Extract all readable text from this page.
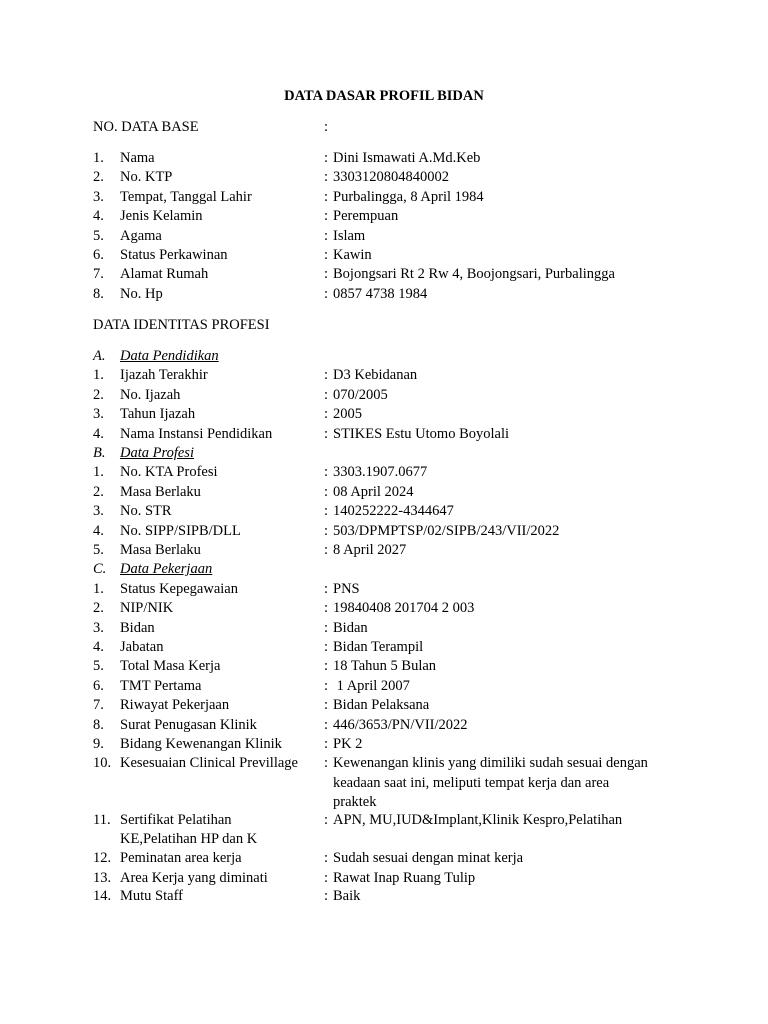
DATA DASAR PROFIL BIDAN
NO. DATA BASE	:
1. Nama	: Dini Ismawati A.Md.Keb
2. No. KTP	: 3303120804840002
3. Tempat, Tanggal Lahir	: Purbalingga, 8 April 1984
4. Jenis Kelamin	: Perempuan
5. Agama	: Islam
6. Status Perkawinan	: Kawin
7. Alamat Rumah	: Bojongsari Rt 2 Rw 4, Boojongsari, Purbalingga
8. No. Hp	: 0857 4738 1984
DATA IDENTITAS PROFESI
A. Data Pendidikan
1. Ijazah Terakhir	: D3 Kebidanan
2. No. Ijazah	: 070/2005
3. Tahun Ijazah	: 2005
4. Nama Instansi Pendidikan	: STIKES Estu Utomo Boyolali
B. Data Profesi
1. No. KTA Profesi	: 3303.1907.0677
2. Masa Berlaku	: 08 April 2024
3. No. STR	: 140252222-4344647
4. No. SIPP/SIPB/DLL	: 503/DPMPTSP/02/SIPB/243/VII/2022
5. Masa Berlaku	: 8 April 2027
C. Data Pekerjaan
1. Status Kepegawaian	: PNS
2. NIP/NIK	: 19840408 201704 2 003
3. Bidan	: Bidan
4. Jabatan	: Bidan Terampil
5. Total Masa Kerja	: 18 Tahun 5 Bulan
6. TMT Pertama	: 1 April 2007
7. Riwayat Pekerjaan	: Bidan Pelaksana
8. Surat Penugasan Klinik	: 446/3653/PN/VII/2022
9. Bidang Kewenangan Klinik	: PK 2
10. Kesesuaian Clinical Previllage : Kewenangan klinis yang dimiliki sudah sesuai dengan
keadaan saat ini, meliputi tempat kerja dan area
praktek
11. Sertifikat Pelatihan	: APN, MU,IUD&Implant,Klinik Kespro,Pelatihan
KE,Pelatihan HP dan K
12. Peminatan area kerja	: Sudah sesuai dengan minat kerja
13. Area Kerja yang diminati	: Rawat Inap Ruang Tulip
14. Mutu Staff	: Baik
